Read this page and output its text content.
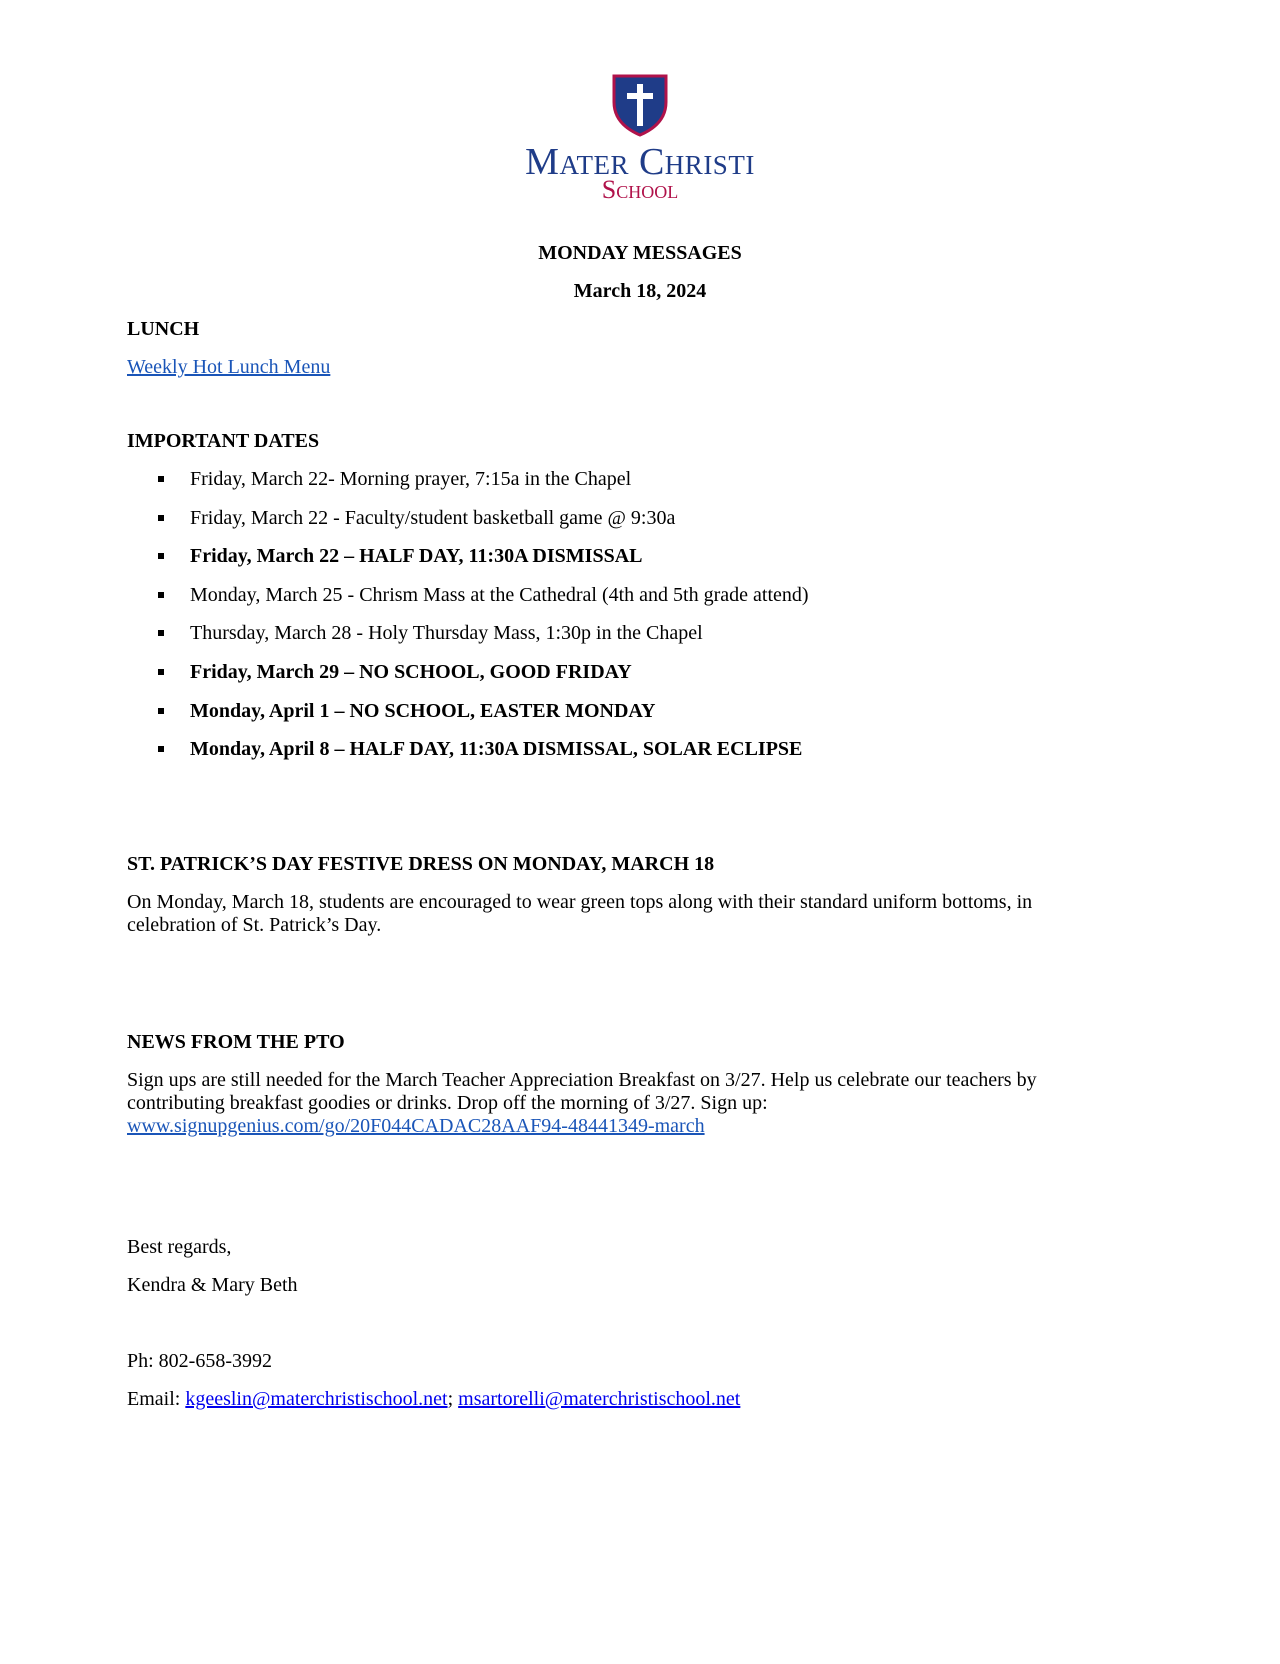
Mater Christi
School
MONDAY MESSAGES
March 18, 2024
LUNCH
Weekly Hot Lunch Menu
IMPORTANT DATES
Friday, March 22- Morning prayer, 7:15a in the Chapel
Friday, March 22 - Faculty/student basketball game @ 9:30a
Friday, March 22 – HALF DAY, 11:30A DISMISSAL
Monday, March 25 - Chrism Mass at the Cathedral (4th and 5th grade attend)
Thursday, March 28 - Holy Thursday Mass, 1:30p in the Chapel
Friday, March 29 – NO SCHOOL, GOOD FRIDAY
Monday, April 1 – NO SCHOOL, EASTER MONDAY
Monday, April 8 – HALF DAY, 11:30A DISMISSAL, SOLAR ECLIPSE
ST. PATRICK’S DAY FESTIVE DRESS ON MONDAY, MARCH 18
On Monday, March 18, students are encouraged to wear green tops along with their standard uniform bottoms, in
celebration of St. Patrick’s Day.
NEWS FROM THE PTO
Sign ups are still needed for the March Teacher Appreciation Breakfast on 3/27. Help us celebrate our teachers by
contributing breakfast goodies or drinks. Drop off the morning of 3/27. Sign up:
www.signupgenius.com/go/20F044CADAC28AAF94-48441349-march
Best regards,
Kendra & Mary Beth
Ph: 802-658-3992
Email: kgeeslin@materchristischool.net; msartorelli@materchristischool.net
